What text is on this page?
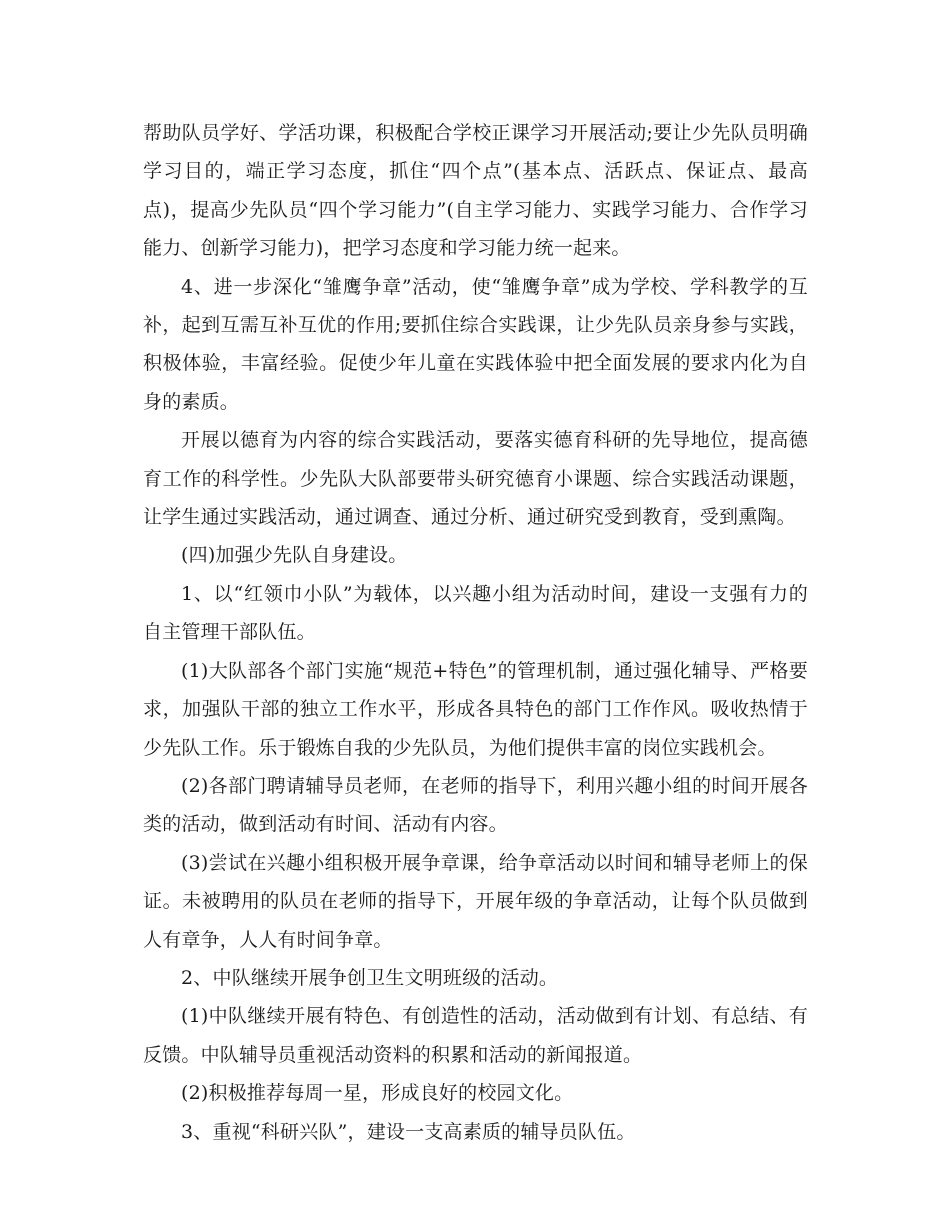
帮助队员学好、学活功课，积极配合学校正课学习开展活动;要让少先队员明确学习目的，端正学习态度，抓住“四个点”(基本点、活跃点、保证点、最高点)，提高少先队员“四个学习能力”(自主学习能力、实践学习能力、合作学习能力、创新学习能力)，把学习态度和学习能力统一起来。

4、进一步深化“雏鹰争章”活动，使“雏鹰争章”成为学校、学科教学的互补，起到互需互补互优的作用;要抓住综合实践课，让少先队员亲身参与实践，积极体验，丰富经验。促使少年儿童在实践体验中把全面发展的要求内化为自身的素质。

开展以德育为内容的综合实践活动，要落实德育科研的先导地位，提高德育工作的科学性。少先队大队部要带头研究德育小课题、综合实践活动课题，让学生通过实践活动，通过调查、通过分析、通过研究受到教育，受到熏陶。

(四)加强少先队自身建设。

1、以“红领巾小队”为载体，以兴趣小组为活动时间，建设一支强有力的自主管理干部队伍。

(1)大队部各个部门实施“规范+特色”的管理机制，通过强化辅导、严格要求，加强队干部的独立工作水平，形成各具特色的部门工作作风。吸收热情于少先队工作。乐于锻炼自我的少先队员，为他们提供丰富的岗位实践机会。

(2)各部门聘请辅导员老师，在老师的指导下，利用兴趣小组的时间开展各类的活动，做到活动有时间、活动有内容。

(3)尝试在兴趣小组积极开展争章课，给争章活动以时间和辅导老师上的保证。未被聘用的队员在老师的指导下，开展年级的争章活动，让每个队员做到人有章争，人人有时间争章。

2、中队继续开展争创卫生文明班级的活动。

(1)中队继续开展有特色、有创造性的活动，活动做到有计划、有总结、有反馈。中队辅导员重视活动资料的积累和活动的新闻报道。

(2)积极推荐每周一星，形成良好的校园文化。

3、重视“科研兴队”，建设一支高素质的辅导员队伍。
